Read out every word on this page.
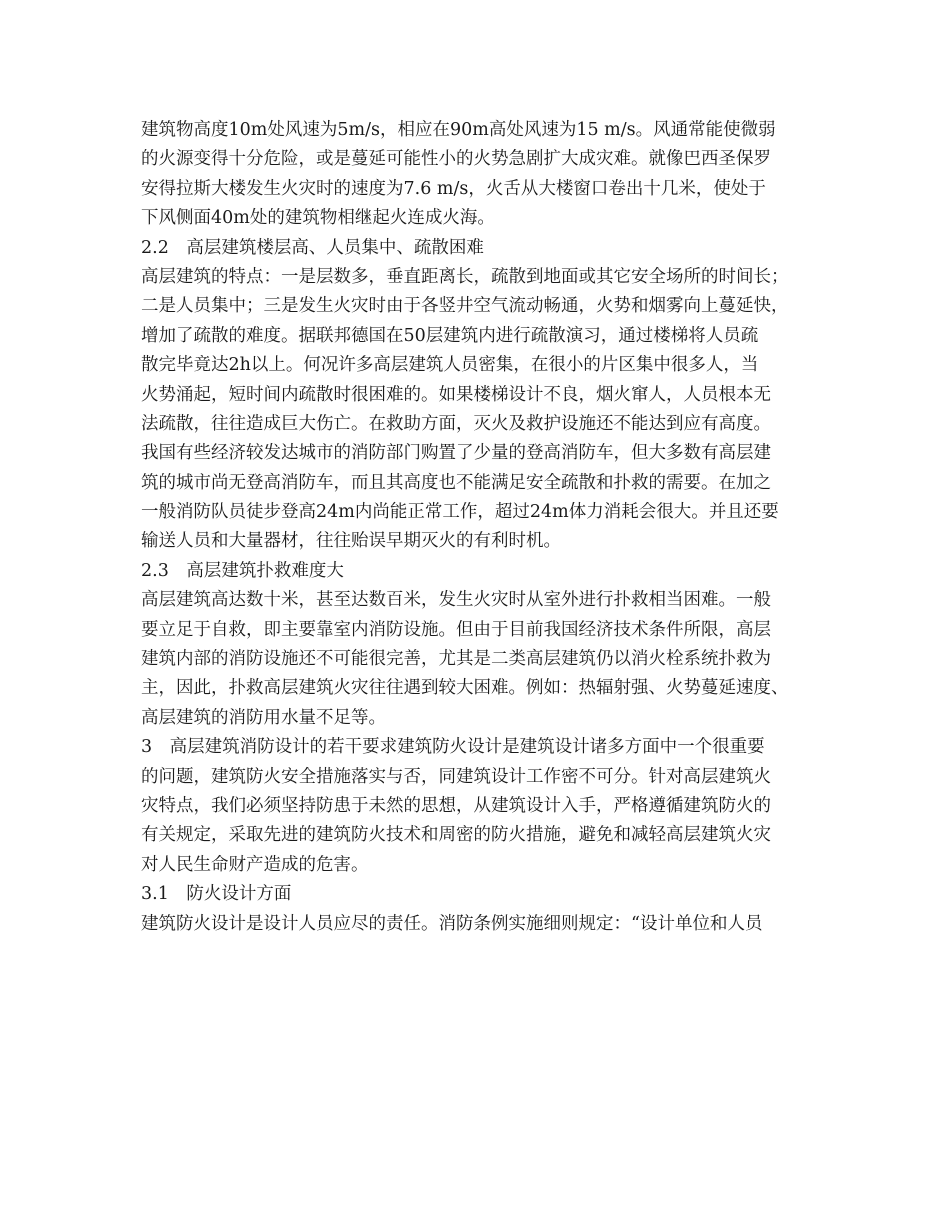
建筑物高度10m处风速为5m/s，相应在90m高处风速为15 m/s。风通常能使微弱
的火源变得十分危险，或是蔓延可能性小的火势急剧扩大成灾难。就像巴西圣保罗
安得拉斯大楼发生火灾时的速度为7.6 m/s，火舌从大楼窗口卷出十几米，使处于
下风侧面40m处的建筑物相继起火连成火海。
2.2　高层建筑楼层高、人员集中、疏散困难
高层建筑的特点：一是层数多，垂直距离长，疏散到地面或其它安全场所的时间长；
二是人员集中；三是发生火灾时由于各竖井空气流动畅通，火势和烟雾向上蔓延快，
增加了疏散的难度。据联邦德国在50层建筑内进行疏散演习，通过楼梯将人员疏
散完毕竟达2h以上。何况许多高层建筑人员密集，在很小的片区集中很多人，当
火势涌起，短时间内疏散时很困难的。如果楼梯设计不良，烟火窜人，人员根本无
法疏散，往往造成巨大伤亡。在救助方面，灭火及救护设施还不能达到应有高度。
我国有些经济较发达城市的消防部门购置了少量的登高消防车，但大多数有高层建
筑的城市尚无登高消防车，而且其高度也不能满足安全疏散和扑救的需要。在加之
一般消防队员徒步登高24m内尚能正常工作，超过24m体力消耗会很大。并且还要
输送人员和大量器材，往往贻误早期灭火的有利时机。
2.3　高层建筑扑救难度大
高层建筑高达数十米，甚至达数百米，发生火灾时从室外进行扑救相当困难。一般
要立足于自救，即主要靠室内消防设施。但由于目前我国经济技术条件所限，高层
建筑内部的消防设施还不可能很完善，尤其是二类高层建筑仍以消火栓系统扑救为
主，因此，扑救高层建筑火灾往往遇到较大困难。例如：热辐射强、火势蔓延速度、
高层建筑的消防用水量不足等。
3　高层建筑消防设计的若干要求建筑防火设计是建筑设计诸多方面中一个很重要
的问题，建筑防火安全措施落实与否，同建筑设计工作密不可分。针对高层建筑火
灾特点，我们必须坚持防患于未然的思想，从建筑设计入手，严格遵循建筑防火的
有关规定，采取先进的建筑防火技术和周密的防火措施，避免和减轻高层建筑火灾
对人民生命财产造成的危害。
3.1　防火设计方面
建筑防火设计是设计人员应尽的责任。消防条例实施细则规定：“设计单位和人员
